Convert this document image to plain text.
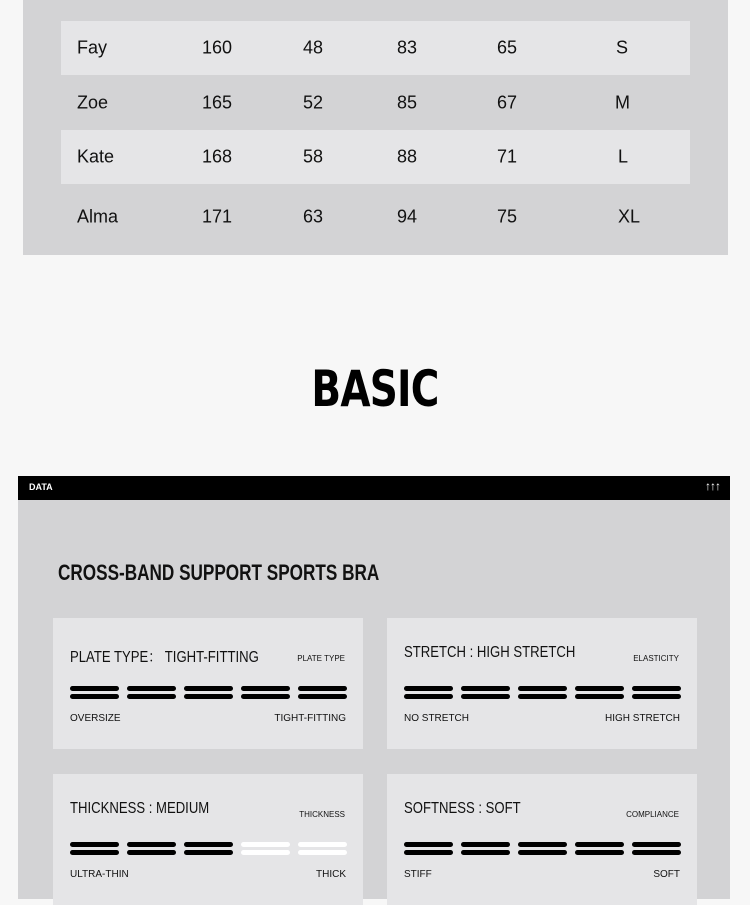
Fay	160	48	83	65	S
Zoe	165	52	85	67	M
Kate	168	58	88	71	L
Alma	171	63	94	75	XL
BASIC
DATA	↑↑↑
CROSS-BAND SUPPORT SPORTS BRA
PLATE TYPE： TIGHT-FITTING	PLATE TYPE
OVERSIZE	TIGHT-FITTING
STRETCH : HIGH STRETCH	ELASTICITY
NO STRETCH	HIGH STRETCH
THICKNESS : MEDIUM	THICKNESS
ULTRA-THIN	THICK
SOFTNESS : SOFT	COMPLIANCE
STIFF	SOFT
